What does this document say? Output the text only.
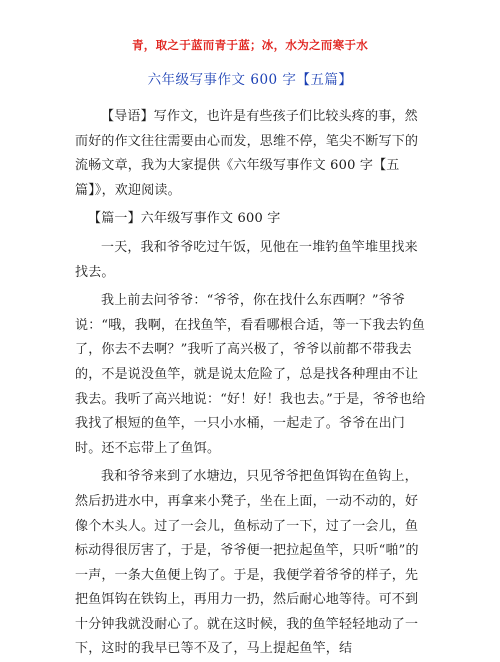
青，取之于蓝而青于蓝；冰，水为之而寒于水
六年级写事作文 600 字【五篇】

【导语】写作文，也许是有些孩子们比较头疼的事，然而好的作文往往需要由心而发，思维不停，笔尖不断写下的流畅文章，我为大家提供《六年级写事作文 600 字【五篇】》，欢迎阅读。

【篇一】六年级写事作文 600 字

一天，我和爷爷吃过午饭，见他在一堆钓鱼竿堆里找来找去。

我上前去问爷爷：“爷爷，你在找什么东西啊？”爷爷说：“哦，我啊，在找鱼竿，看看哪根合适，等一下我去钓鱼了，你去不去啊？”我听了高兴极了，爷爷以前都不带我去的，不是说没鱼竿，就是说太危险了，总是找各种理由不让我去。我听了高兴地说：“好！好！我也去。”于是，爷爷也给我找了根短的鱼竿，一只小水桶，一起走了。爷爷在出门时。还不忘带上了鱼饵。

我和爷爷来到了水塘边，只见爷爷把鱼饵钩在鱼钩上，然后扔进水中，再拿来小凳子，坐在上面，一动不动的，好像个木头人。过了一会儿，鱼标动了一下，过了一会儿，鱼标动得很厉害了，于是，爷爷便一把拉起鱼竿，只听“啪”的一声，一条大鱼便上钩了。于是，我便学着爷爷的样子，先把鱼饵钩在铁钩上，再用力一扔，然后耐心地等待。可不到十分钟我就没耐心了。就在这时候，我的鱼竿轻轻地动了一下，这时的我早已等不及了，马上提起鱼竿，结
